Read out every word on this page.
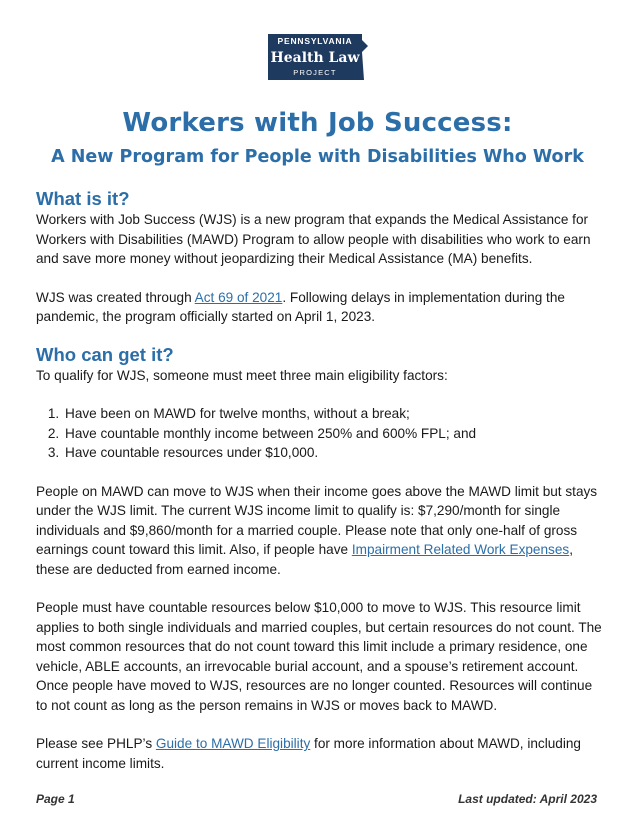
PENNSYLVANIA
Health Law
PROJECT
Workers with Job Success:
A New Program for People with Disabilities Who Work
What is it?

Workers with Job Success (WJS) is a new program that expands the Medical Assistance for Workers with Disabilities (MAWD) Program to allow people with disabilities who work to earn and save more money without jeopardizing their Medical Assistance (MA) benefits.

WJS was created through Act 69 of 2021. Following delays in implementation during the pandemic, the program officially started on April 1, 2023.

Who can get it?

To qualify for WJS, someone must meet three main eligibility factors:

1. Have been on MAWD for twelve months, without a break;
2. Have countable monthly income between 250% and 600% FPL; and
3. Have countable resources under $10,000.

People on MAWD can move to WJS when their income goes above the MAWD limit but stays under the WJS limit. The current WJS income limit to qualify is: $7,290/month for single individuals and $9,860/month for a married couple. Please note that only one-half of gross earnings count toward this limit. Also, if people have Impairment Related Work Expenses, these are deducted from earned income.

People must have countable resources below $10,000 to move to WJS. This resource limit applies to both single individuals and married couples, but certain resources do not count. The most common resources that do not count toward this limit include a primary residence, one vehicle, ABLE accounts, an irrevocable burial account, and a spouse’s retirement account. Once people have moved to WJS, resources are no longer counted. Resources will continue to not count as long as the person remains in WJS or moves back to MAWD.

Please see PHLP’s Guide to MAWD Eligibility for more information about MAWD, including current income limits.

Page 1	Last updated: April 2023
